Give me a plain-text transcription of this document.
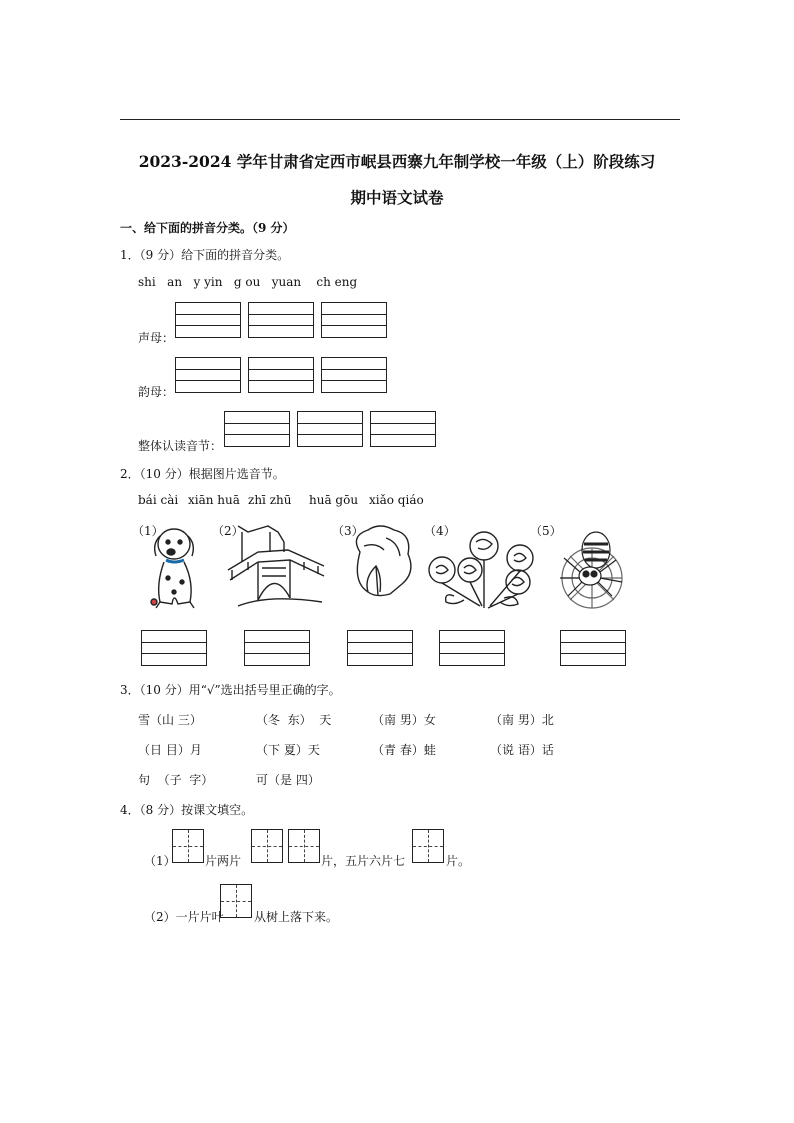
2023-2024 学年甘肃省定西市岷县西寨九年制学校一年级（上）阶段练习
期中语文试卷
一、给下面的拼音分类。（9 分）
1．（9 分）给下面的拼音分类。
shi   an   y yin   g ou   yuan    ch eng
声母：
韵母：
整体认读音节：
2．（10 分）根据图片选音节。
bái cài xiān huā zhī zhū huā gōu xiǎo qiáo
（1）	（2）	（3）	（4）	（5）
3．（10 分）用“√”选出括号里正确的字。
雪（山 三）	（冬  东）  天	（南 男）女	（南 男）北
（日 目）月	（下 夏）天	（青 春）蛙	（说 语）话
句  （子  字）	可（是 四）
4．（8 分）按课文填空。
（1） 片两片	片，五片六片七	片。
（2）一片片叶	从树上落下来。
